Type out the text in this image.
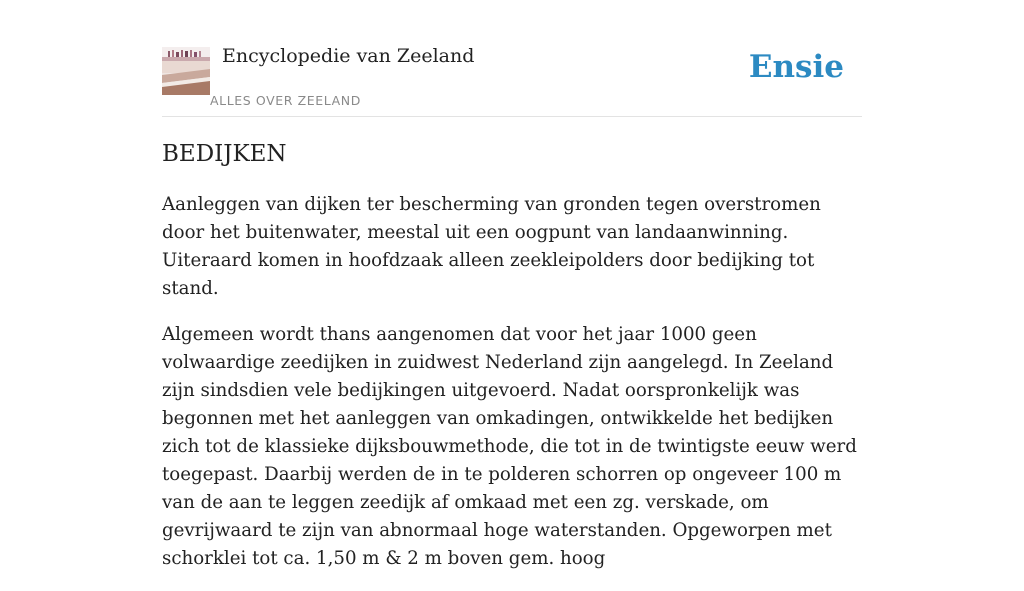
Encyclopedie van Zeeland
ALLES OVER ZEELAND
Ensie
BEDIJKEN

Aanleggen van dijken ter bescherming van gronden tegen overstromen door het buitenwater, meestal uit een oogpunt van landaanwinning. Uiteraard komen in hoofdzaak alleen zeekleipolders door bedijking tot stand.

Algemeen wordt thans aangenomen dat voor het jaar 1000 geen volwaardige zeedijken in zuidwest Nederland zijn aangelegd. In Zeeland zijn sindsdien vele bedijkingen uitgevoerd. Nadat oorspronkelijk was begonnen met het aanleggen van omkadingen, ontwikkelde het bedijken zich tot de klassieke dijksbouwmethode, die tot in de twintigste eeuw werd toegepast. Daarbij werden de in te polderen schorren op ongeveer 100 m van de aan te leggen zeedijk af omkaad met een zg. verskade, om gevrijwaard te zijn van abnormaal hoge waterstanden. Opgeworpen met schorklei tot ca. 1,50 m & 2 m boven gem. hoog
